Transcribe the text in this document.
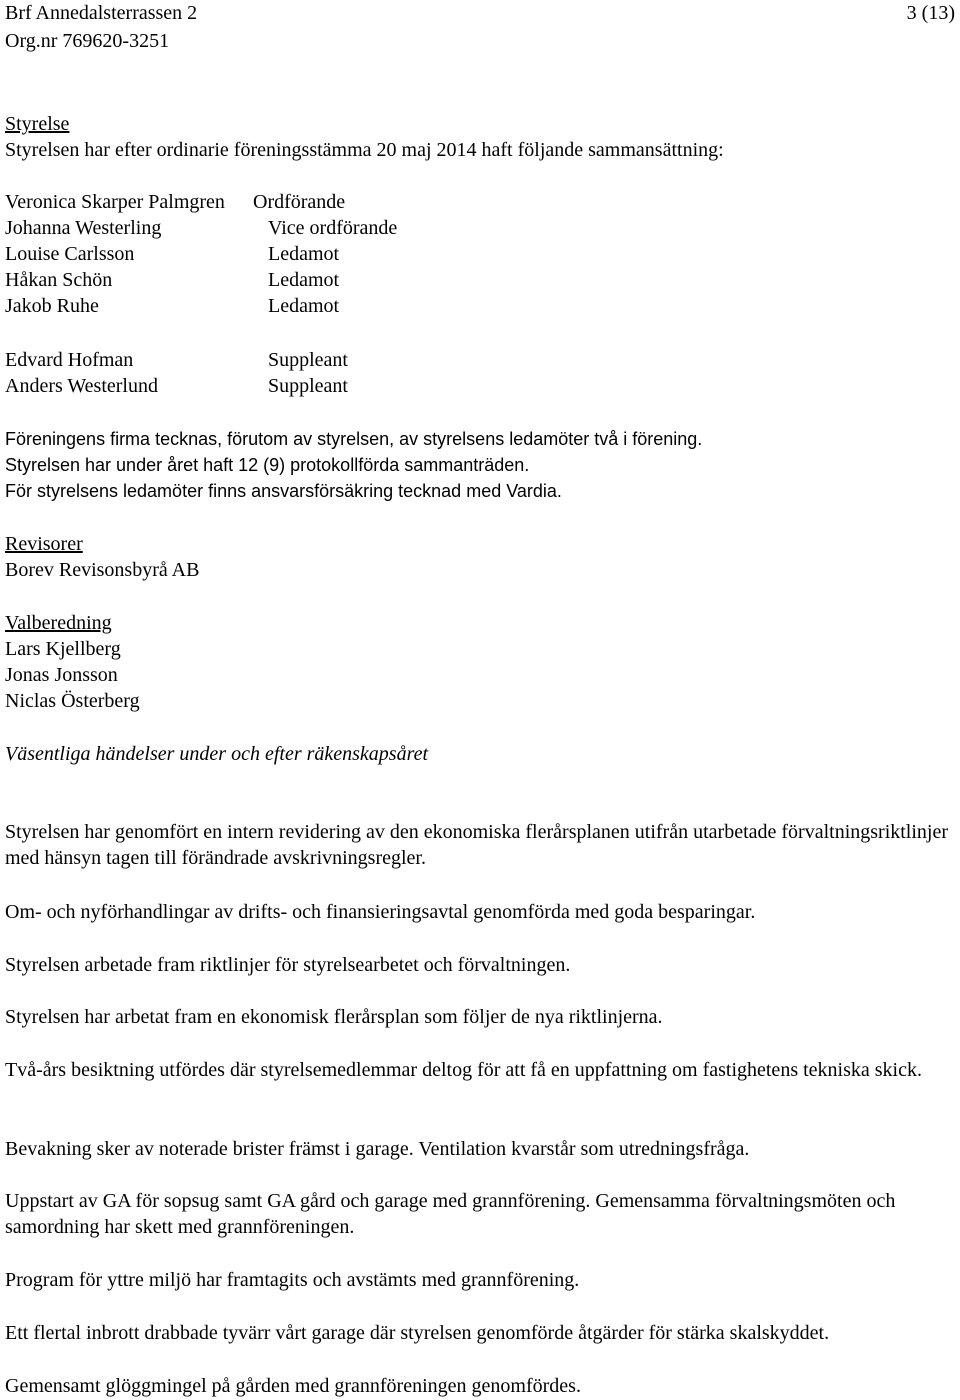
Brf Annedalsterrassen 2
Org.nr 769620-3251
3 (13)
Styrelse
Styrelsen har efter ordinarie föreningsstämma 20 maj 2014 haft följande sammansättning:
Veronica Skarper Palmgren	Ordförande
Johanna Westerling	Vice ordförande
Louise Carlsson	Ledamot
Håkan Schön	Ledamot
Jakob Ruhe	Ledamot
Edvard Hofman	Suppleant
Anders Westerlund	Suppleant
Föreningens firma tecknas, förutom av styrelsen, av styrelsens ledamöter två i förening.
Styrelsen har under året haft 12 (9) protokollförda sammanträden.
För styrelsens ledamöter finns ansvarsförsäkring tecknad med Vardia.
Revisorer
Borev Revisonsbyrå AB
Valberedning
Lars Kjellberg
Jonas Jonsson
Niclas Österberg
Väsentliga händelser under och efter räkenskapsåret
Styrelsen har genomfört en intern revidering av den ekonomiska flerårsplanen utifrån utarbetade förvaltningsriktlinjer med hänsyn tagen till förändrade avskrivningsregler.
Om- och nyförhandlingar av drifts- och finansieringsavtal genomförda med goda besparingar.
Styrelsen arbetade fram riktlinjer för styrelsearbetet och förvaltningen.
Styrelsen har arbetat fram en ekonomisk flerårsplan som följer de nya riktlinjerna.
Två-års besiktning utfördes där styrelsemedlemmar deltog för att få en uppfattning om fastighetens tekniska skick.
Bevakning sker av noterade brister främst i garage. Ventilation kvarstår som utredningsfråga.
Uppstart av GA för sopsug samt GA gård och garage med grannförening. Gemensamma förvaltningsmöten och samordning har skett med grannföreningen.
Program för yttre miljö har framtagits och avstämts med grannförening.
Ett flertal inbrott drabbade tyvärr vårt garage där styrelsen genomförde åtgärder för stärka skalskyddet.
Gemensamt glöggmingel på gården med grannföreningen genomfördes.
